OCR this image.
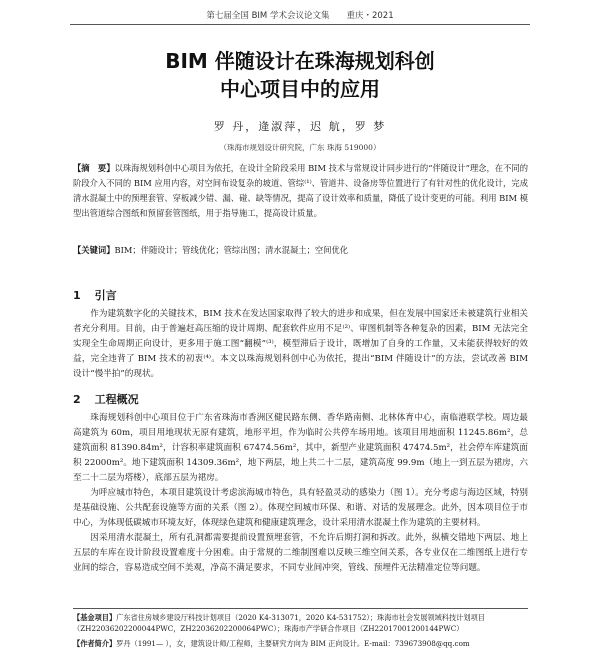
第七届全国 BIM 学术会议论文集　　重庆・2021
BIM 伴随设计在珠海规划科创
中心项目中的应用
罗 丹，逄淑萍，迟 航，罗 梦
（珠海市规划设计研究院，广东 珠海 519000）
【摘　要】以珠海规划科创中心项目为依托，在设计全阶段采用 BIM 技术与常规设计同步进行的“伴随设计”理念，在不同的阶段介入不同的 BIM 应用内容，对空间布设复杂的坡道、管综⁽¹⁾、管道井、设备房等位置进行了有针对性的优化设计，完成清水混凝土中的预埋套管、穿板减少错、漏、碰、缺等情况，提高了设计效率和质量，降低了设计变更的可能。利用 BIM 模型出管道综合图纸和预留套管图纸，用于指导施工，提高设计质量。
【关键词】BIM；伴随设计；管线优化；管综出图；清水混凝土；空间优化
1 引言

作为建筑数字化的关键技术，BIM 技术在发达国家取得了较大的进步和成果，但在发展中国家还未被建筑行业相关者充分利用。目前，由于普遍赶高压缩的设计周期、配套软件应用不足⁽²⁾、审图机制等各种复杂的因素，BIM 无法完全实现全生命周期正向设计，更多用于施工图“翻模”⁽³⁾，模型滞后于设计，既增加了自身的工作量，又未能获得较好的效益，完全违背了 BIM 技术的初衷⁽⁴⁾。本文以珠海规划科创中心为依托，提出“BIM 伴随设计”的方法，尝试改善 BIM 设计“慢半拍”的现状。

2 工程概况

珠海规划科创中心项目位于广东省珠海市香洲区健民路东侧、香华路南侧、北林体育中心，南临港联学校。周边最高建筑为 60m，项目用地现状无原有建筑，地形平坦，作为临时公共停车场用地。该项目用地面积 11245.86m²，总建筑面积 81390.84m²，计容积率建筑面积 67474.56m²，其中，新型产业建筑面积 47474.5m²，社会停车库建筑面积 22000m²。地下建筑面积 14309.36m²，地下两层，地上共二十二层，建筑高度 99.9m（地上一到五层为裙房，六至二十二层为塔楼），底部五层为裙房。

为呼应城市特色，本项目建筑设计考虑滨海城市特色，具有轻盈灵动的感染力（图 1）。充分考虑与海边区域，特别是基础设施、公共配套设施等方面的关系（图 2）。体现空间城市环保、和谐、对话的发展理念。此外，因本项目位于市中心，为体现低碳城市环境友好，体现绿色建筑和健康建筑理念，设计采用清水混凝土作为建筑的主要材料。

因采用清水混凝土，所有孔洞都需要提前设置预埋套管，不允许后期打洞和拆改。此外，纵横交错地下两层、地上五层的车库在设计阶段设置难度十分困难。由于常规的二维制图难以反映三维空间关系，各专业仅在二维图纸上进行专业间的综合，容易造成空间不美观，净高不满足要求，不同专业间冲突，管线、预埋件无法精准定位等问题。

【基金项目】广东省住房城乡建设厅科技计划项目（2020 K4-313071，2020 K4-531752）；珠海市社会发展领域科技计划项目（ZH22036202200044PWC，ZH22036202200064PWC）；珠海市产学研合作项目（ZH22017001200144PWC）
【作者简介】罗丹（1991— ），女，建筑设计师/工程师，主要研究方向为 BIM 正向设计。E-mail：739673908@qq.com
